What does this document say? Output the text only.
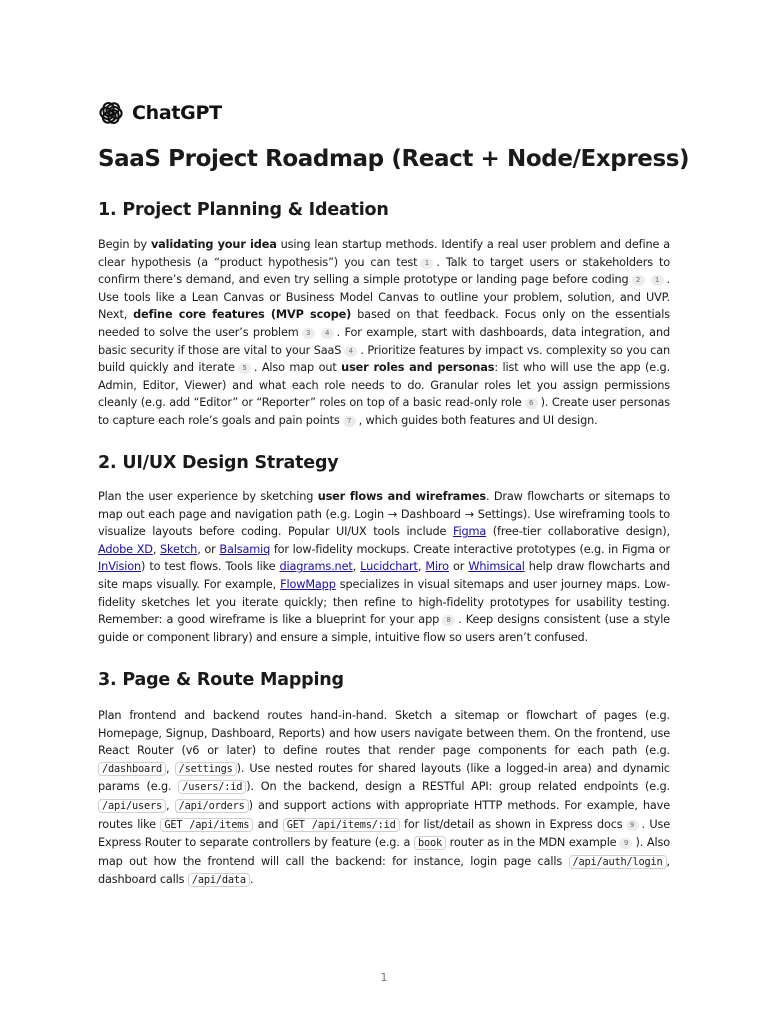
ChatGPT
SaaS Project Roadmap (React + Node/Express)
1. Project Planning & Ideation

Begin by validating your idea using lean startup methods. Identify a real user problem and define a clear hypothesis (a “product hypothesis”) you can test 1 . Talk to target users or stakeholders to confirm there’s demand, and even try selling a simple prototype or landing page before coding 2 1 . Use tools like a Lean Canvas or Business Model Canvas to outline your problem, solution, and UVP. Next, define core features (MVP scope) based on that feedback. Focus only on the essentials needed to solve the user’s problem 3 4 . For example, start with dashboards, data integration, and basic security if those are vital to your SaaS 4 . Prioritize features by impact vs. complexity so you can build quickly and iterate 5 . Also map out user roles and personas: list who will use the app (e.g. Admin, Editor, Viewer) and what each role needs to do. Granular roles let you assign permissions cleanly (e.g. add “Editor” or “Reporter” roles on top of a basic read-only role 6 ). Create user personas to capture each role’s goals and pain points 7 , which guides both features and UI design.

2. UI/UX Design Strategy

Plan the user experience by sketching user flows and wireframes. Draw flowcharts or sitemaps to map out each page and navigation path (e.g. Login → Dashboard → Settings). Use wireframing tools to visualize layouts before coding. Popular UI/UX tools include Figma (free-tier collaborative design), Adobe XD, Sketch, or Balsamiq for low-fidelity mockups. Create interactive prototypes (e.g. in Figma or InVision) to test flows. Tools like diagrams.net, Lucidchart, Miro or Whimsical help draw flowcharts and site maps visually. For example, FlowMapp specializes in visual sitemaps and user journey maps. Low-fidelity sketches let you iterate quickly; then refine to high-fidelity prototypes for usability testing. Remember: a good wireframe is like a blueprint for your app 8 . Keep designs consistent (use a style guide or component library) and ensure a simple, intuitive flow so users aren’t confused.

3. Page & Route Mapping

Plan frontend and backend routes hand-in-hand. Sketch a sitemap or flowchart of pages (e.g. Homepage, Signup, Dashboard, Reports) and how users navigate between them. On the frontend, use React Router (v6 or later) to define routes that render page components for each path (e.g. /dashboard , /settings ). Use nested routes for shared layouts (like a logged-in area) and dynamic params (e.g. /users/:id ). On the backend, design a RESTful API: group related endpoints (e.g. /api/users , /api/orders ) and support actions with appropriate HTTP methods. For example, have routes like GET /api/items and GET /api/items/:id for list/detail as shown in Express docs 9 . Use Express Router to separate controllers by feature (e.g. a book router as in the MDN example 9 ). Also map out how the frontend will call the backend: for instance, login page calls /api/auth/login , dashboard calls /api/data .

1
